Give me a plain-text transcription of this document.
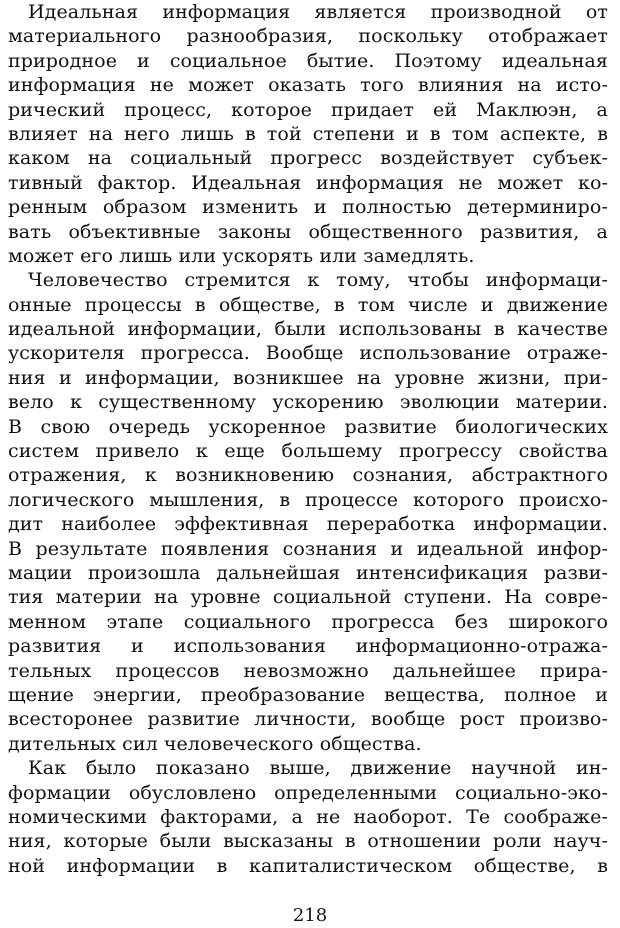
Идеальная информация является производной от
материального разнообразия, поскольку отображает
природное и социальное бытие. Поэтому идеальная
информация не может оказать того влияния на исто-
рический процесс, которое придает ей Маклюэн, а
влияет на него лишь в той степени и в том аспекте, в
каком на социальный прогресс воздействует субъек-
тивный фактор. Идеальная информация не может ко-
ренным образом изменить и полностью детерминиро-
вать объективные законы общественного развития, а
может его лишь или ускорять или замедлять.
Человечество стремится к тому, чтобы информаци-
онные процессы в обществе, в том числе и движение
идеальной информации, были использованы в качестве
ускорителя прогресса. Вообще использование отраже-
ния и информации, возникшее на уровне жизни, при-
вело к существенному ускорению эволюции материи.
В свою очередь ускоренное развитие биологических
систем привело к еще большему прогрессу свойства
отражения, к возникновению сознания, абстрактного
логического мышления, в процессе которого происхо-
дит наиболее эффективная переработка информации.
В результате появления сознания и идеальной инфор-
мации произошла дальнейшая интенсификация разви-
тия материи на уровне социальной ступени. На совре-
менном этапе социального прогресса без широкого
развития и использования информационно-отража-
тельных процессов невозможно дальнейшее прира-
щение энергии, преобразование вещества, полное и
всесторонее развитие личности, вообще рост произво-
дительных сил человеческого общества.
Как было показано выше, движение научной ин-
формации обусловлено определенными социально-эко-
номическими факторами, а не наоборот. Те соображе-
ния, которые были высказаны в отношении роли науч-
ной информации в капиталистическом обществе, в
218
